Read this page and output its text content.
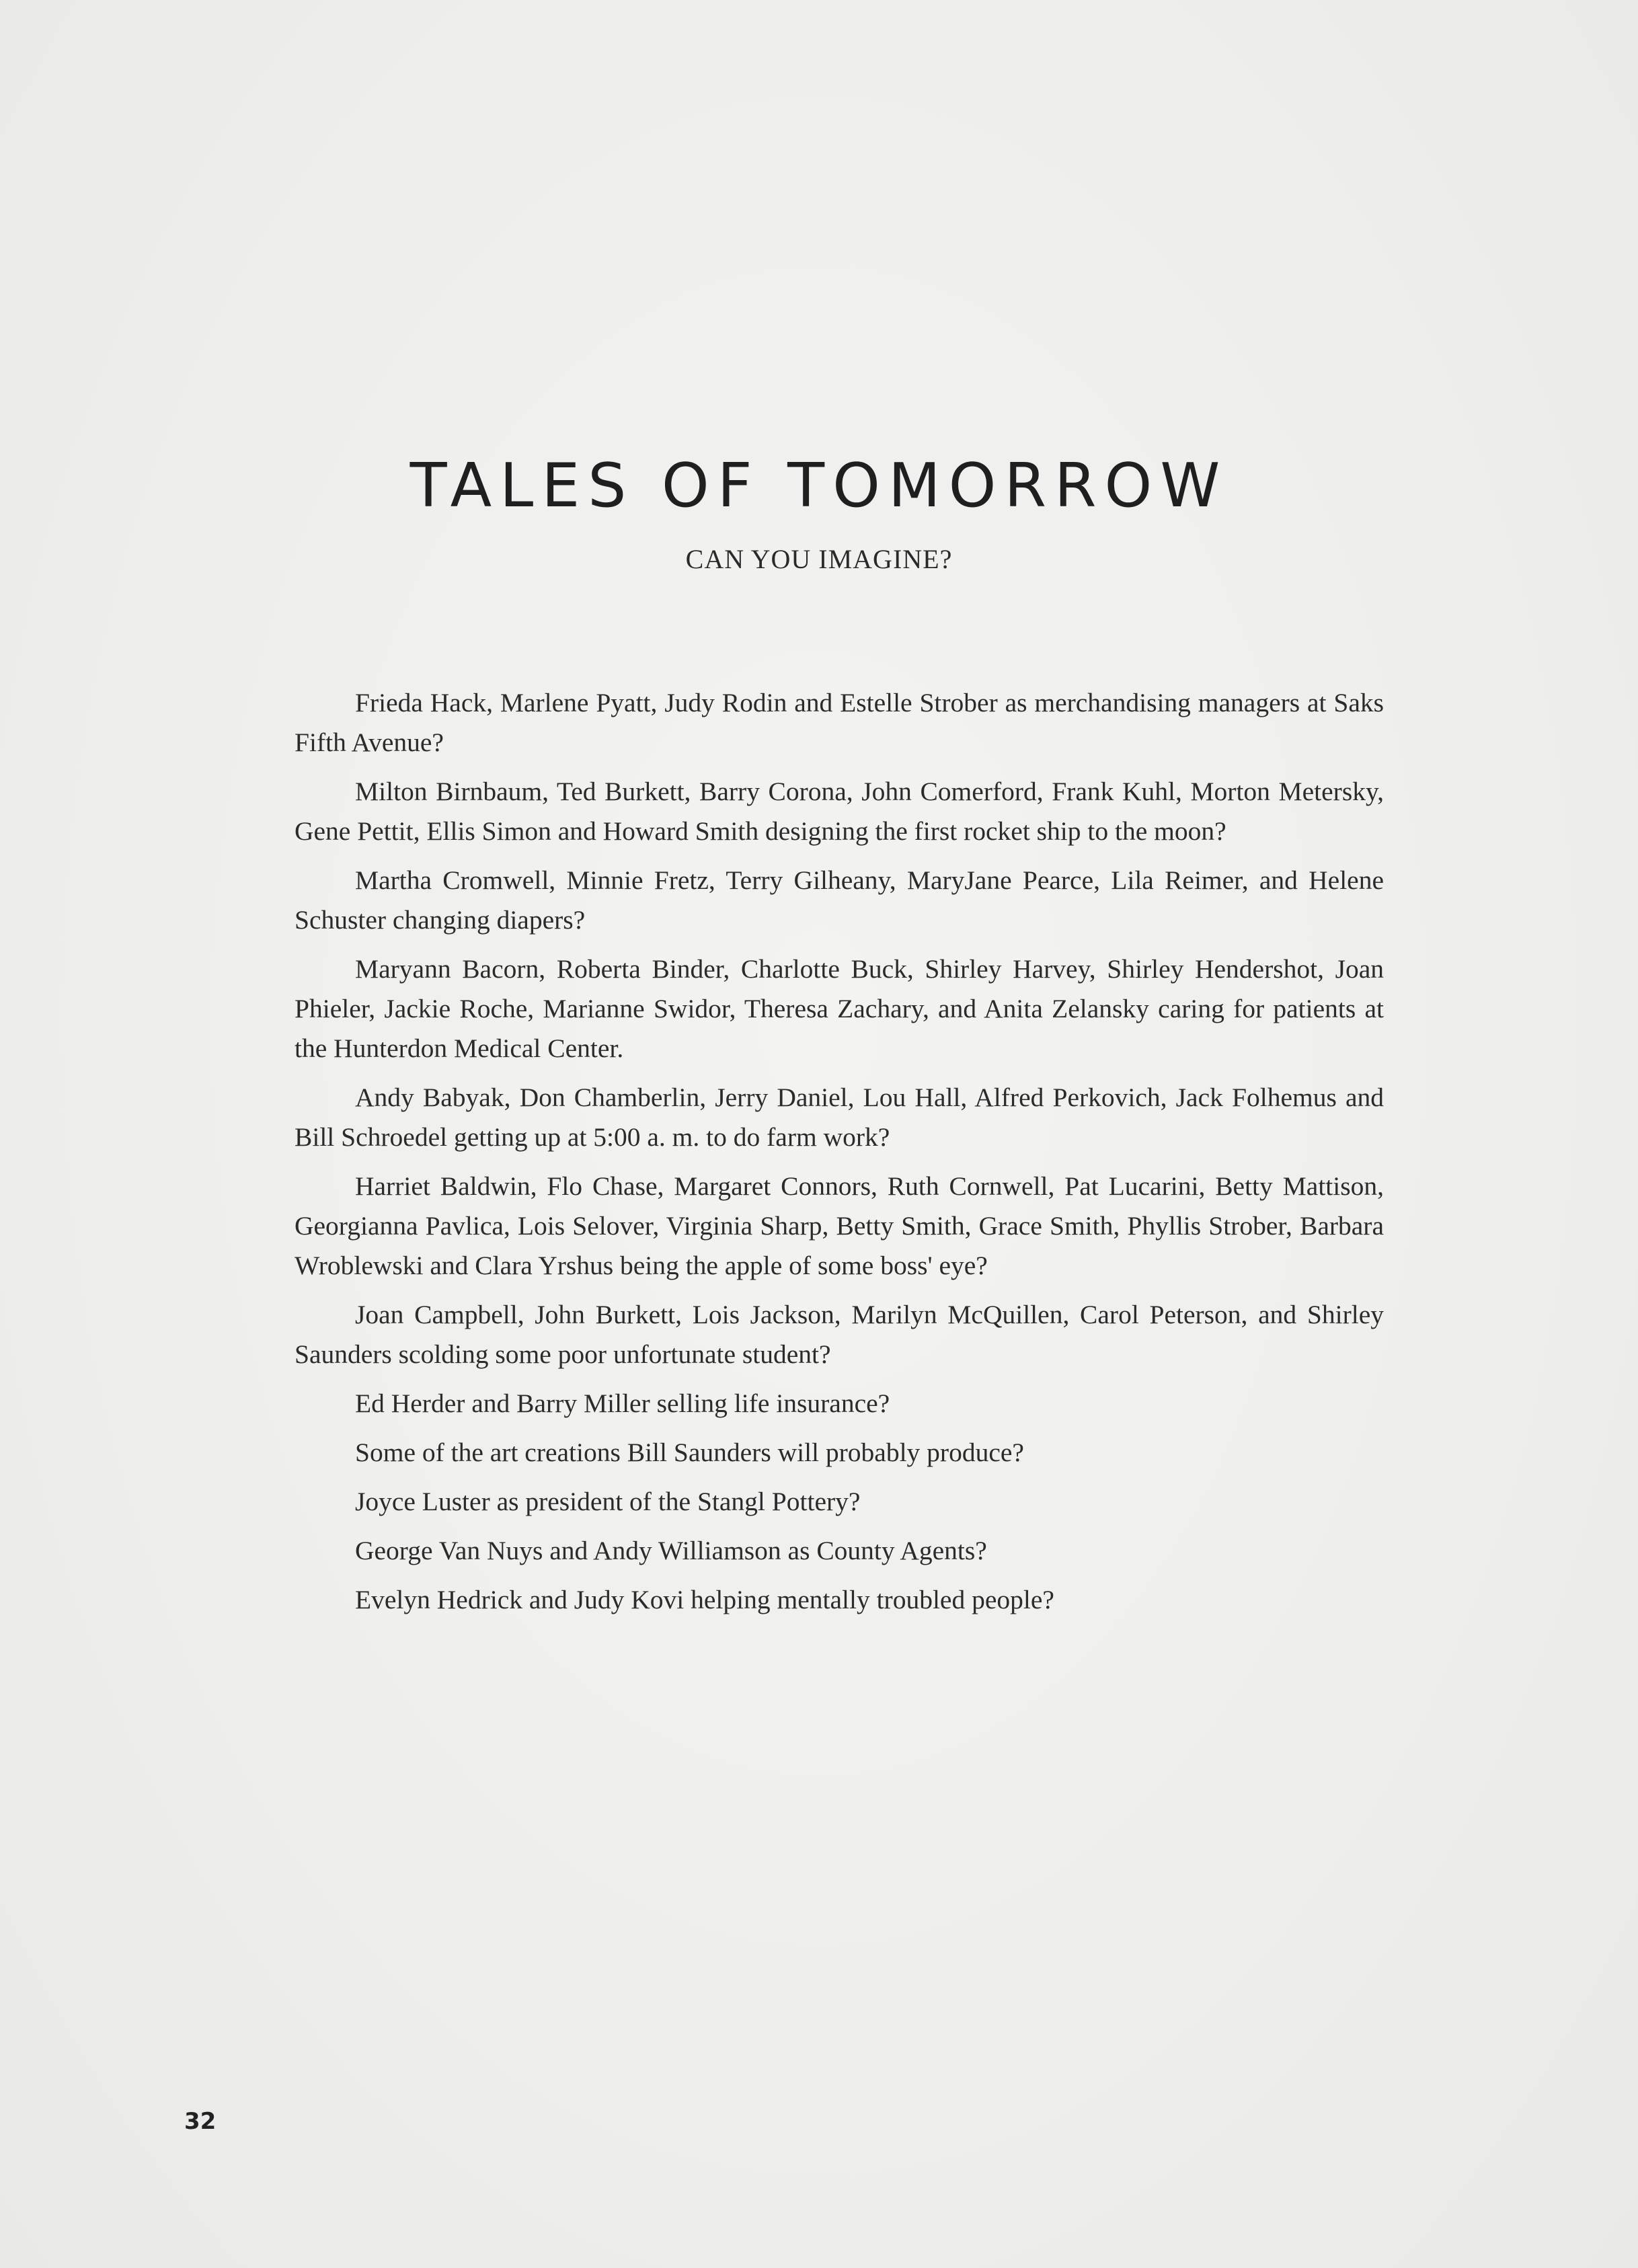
TALES OF TOMORROW
CAN YOU IMAGINE?

Frieda Hack, Marlene Pyatt, Judy Rodin and Estelle Strober as merchandising managers at Saks Fifth Avenue?

Milton Birnbaum, Ted Burkett, Barry Corona, John Comerford, Frank Kuhl, Morton Metersky, Gene Pettit, Ellis Simon and Howard Smith designing the first rocket ship to the moon?

Martha Cromwell, Minnie Fretz, Terry Gilheany, MaryJane Pearce, Lila Reimer, and Helene Schuster changing diapers?

Maryann Bacorn, Roberta Binder, Charlotte Buck, Shirley Harvey, Shirley Hendershot, Joan Phieler, Jackie Roche, Marianne Swidor, Theresa Zachary, and Anita Zelansky caring for patients at the Hunterdon Medical Center.

Andy Babyak, Don Chamberlin, Jerry Daniel, Lou Hall, Alfred Perkovich, Jack Folhemus and Bill Schroedel getting up at 5:00 a. m. to do farm work?

Harriet Baldwin, Flo Chase, Margaret Connors, Ruth Cornwell, Pat Lucarini, Betty Mattison, Georgianna Pavlica, Lois Selover, Virginia Sharp, Betty Smith, Grace Smith, Phyllis Strober, Barbara Wroblewski and Clara Yrshus being the apple of some boss' eye?

Joan Campbell, John Burkett, Lois Jackson, Marilyn McQuillen, Carol Peterson, and Shirley Saunders scolding some poor unfortunate student?

Ed Herder and Barry Miller selling life insurance?

Some of the art creations Bill Saunders will probably produce?

Joyce Luster as president of the Stangl Pottery?

George Van Nuys and Andy Williamson as County Agents?

Evelyn Hedrick and Judy Kovi helping mentally troubled people?

32
